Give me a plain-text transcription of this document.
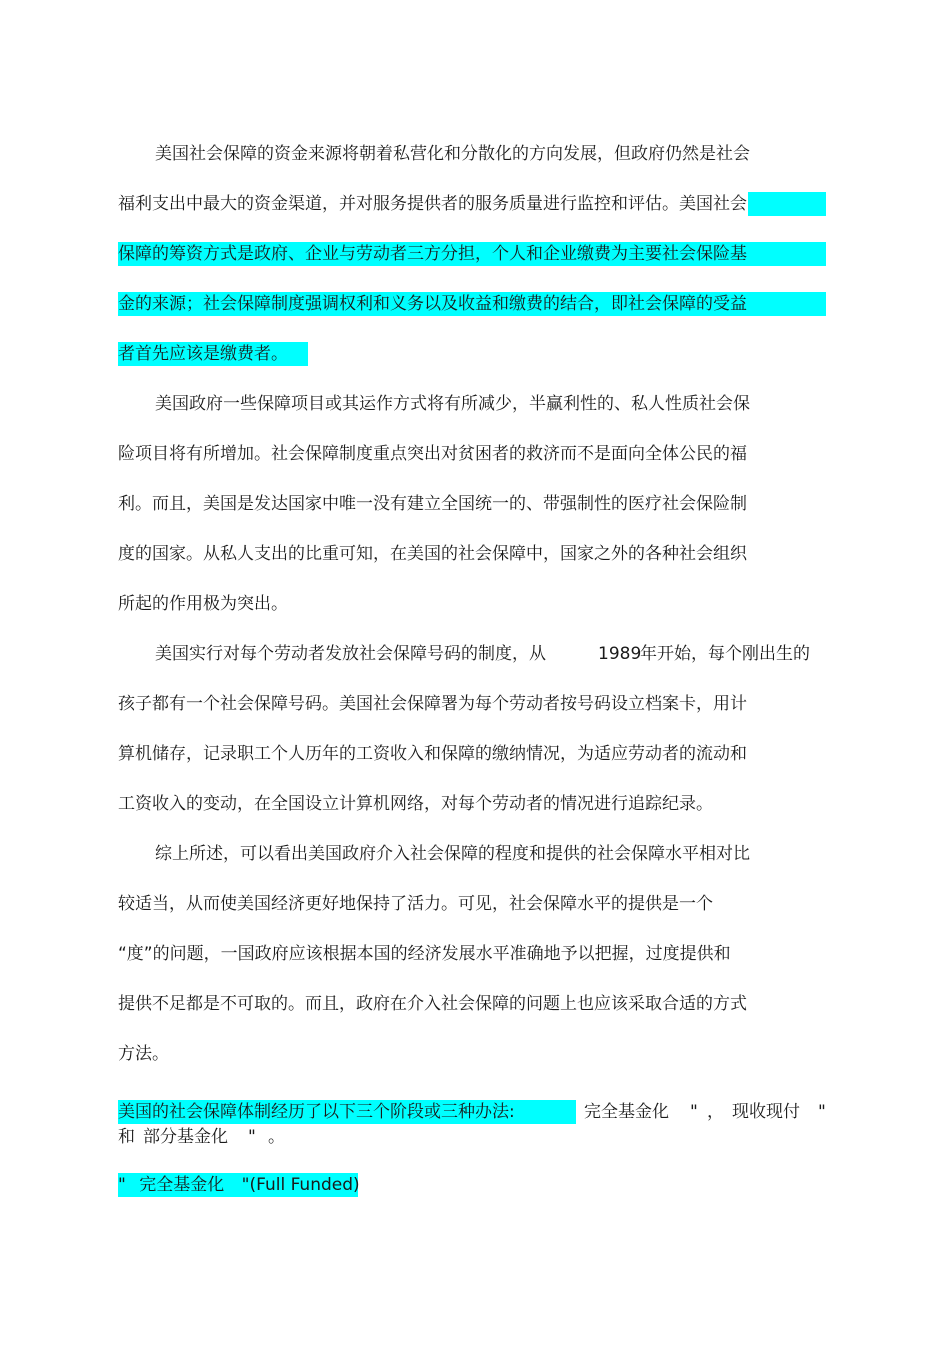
美国社会保障的资金来源将朝着私营化和分散化的方向发展，但政府仍然是社会
福利支出中最大的资金渠道，并对服务提供者的服务质量进行监控和评估。美国社会
保障的筹资方式是政府、企业与劳动者三方分担，个人和企业缴费为主要社会保险基
金的来源；社会保障制度强调权利和义务以及收益和缴费的结合，即社会保障的受益
者首先应该是缴费者。
美国政府一些保障项目或其运作方式将有所减少，半赢利性的、私人性质社会保
险项目将有所增加。社会保障制度重点突出对贫困者的救济而不是面向全体公民的福
利。而且，美国是发达国家中唯一没有建立全国统一的、带强制性的医疗社会保险制
度的国家。从私人支出的比重可知，在美国的社会保障中，国家之外的各种社会组织
所起的作用极为突出。
美国实行对每个劳动者发放社会保障号码的制度，从	1989
年开始，每个刚出生的
孩子都有一个社会保障号码。美国社会保障署为每个劳动者按号码设立档案卡，用计
算机储存，记录职工个人历年的工资收入和保障的缴纳情况，为适应劳动者的流动和
工资收入的变动，在全国设立计算机网络，对每个劳动者的情况进行追踪纪录。
综上所述，可以看出美国政府介入社会保障的程度和提供的社会保障水平相对比
较适当，从而使美国经济更好地保持了活力。可见，社会保障水平的提供是一个
“度”的问题，一国政府应该根据本国的经济发展水平准确地予以把握，过度提供和
提供不足都是不可取的。而且，政府在介入社会保障的问题上也应该采取合适的方式
方法。
美国的社会保障体制经历了以下三个阶段或三种办法:	完全基金化 " ， 现收现付 "
和 部分基金化 " 。
" 完全基金化 "(Full Funded)
